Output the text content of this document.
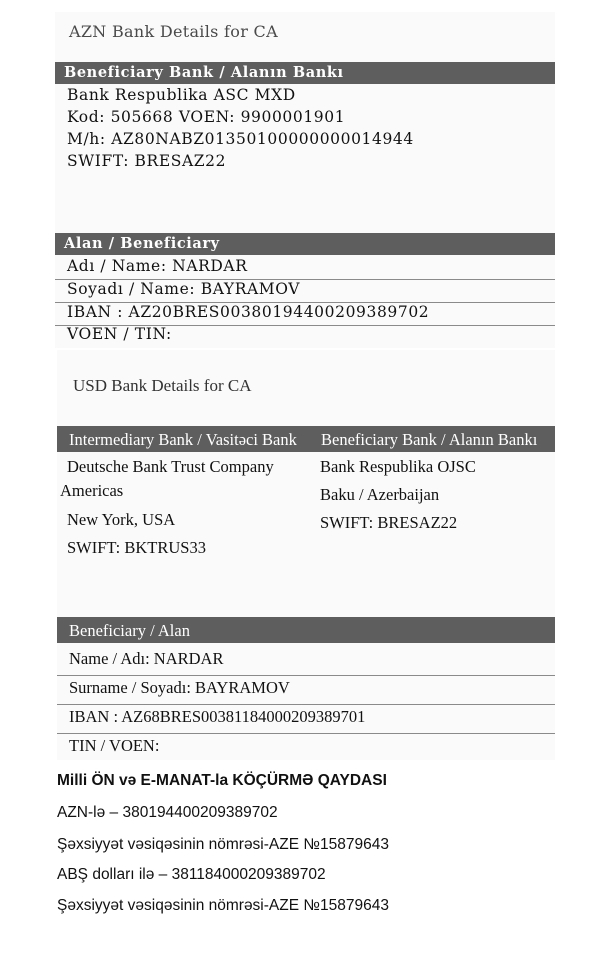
AZN Bank Details for CA
Beneficiary Bank / Alanın Bankı
Bank Respublika ASC MXD
Kod: 505668 VOEN: 9900001901
M/h: AZ80NABZ01350100000000014944
SWIFT: BRESAZ22
Alan / Beneficiary
Adı / Name: NARDAR
Soyadı / Name: BAYRAMOV
IBAN : AZ20BRES00380194400209389702
VOEN / TIN:
USD Bank Details for CA
Intermediary Bank / Vasitəci Bank Beneficiary Bank / Alanın Bankı
Deutsche Bank Trust Company
Americas
New York, USA
SWIFT: BKTRUS33
Bank Respublika OJSC
Baku / Azerbaijan
SWIFT: BRESAZ22
Beneficiary / Alan
Name / Adı: NARDAR
Surname / Soyadı: BAYRAMOV
IBAN : AZ68BRES00381184000209389701
TIN / VOEN:
Milli ÖN və E-MANAT-la KÖÇÜRMƏ QAYDASI
AZN-lə – 380194400209389702
Şəxsiyyət vəsiqəsinin nömrəsi-AZE №15879643
ABŞ dolları ilə – 381184000209389702
Şəxsiyyət vəsiqəsinin nömrəsi-AZE №15879643
